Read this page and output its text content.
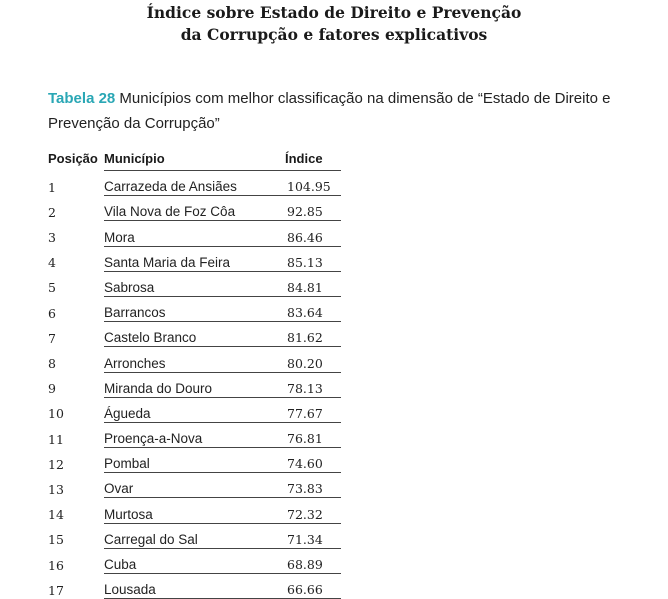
Índice sobre Estado de Direito e Prevenção
da Corrupção e fatores explicativos
Tabela 28 Municípios com melhor classificação na dimensão de “Estado de Direito e Prevenção da Corrupção”
Posição	Município	Índice
1	Carrazeda de Ansiães	104.95
2	Vila Nova de Foz Côa	92.85
3	Mora	86.46
4	Santa Maria da Feira	85.13
5	Sabrosa	84.81
6	Barrancos	83.64
7	Castelo Branco	81.62
8	Arronches	80.20
9	Miranda do Douro	78.13
10	Águeda	77.67
11	Proença-a-Nova	76.81
12	Pombal	74.60
13	Ovar	73.83
14	Murtosa	72.32
15	Carregal do Sal	71.34
16	Cuba	68.89
17	Lousada	66.66
